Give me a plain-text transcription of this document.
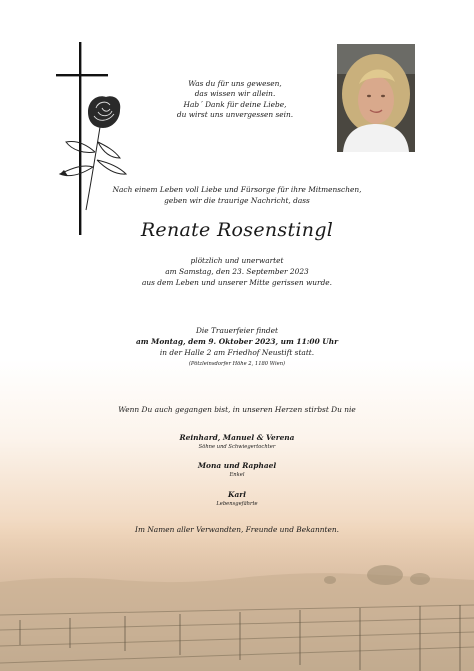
Was du für uns gewesen,
das wissen wir allein.
Hab´ Dank für deine Liebe,
du wirst uns unvergessen sein.
Nach einem Leben voll Liebe und Fürsorge für ihre Mitmenschen,
geben wir die traurige Nachricht, dass
Renate Rosenstingl
plötzlich und unerwartet
am Samstag, den 23. September 2023
aus dem Leben und unserer Mitte gerissen wurde.
Die Trauerfeier findet
am Montag, dem 9. Oktober 2023, um 11:00 Uhr
in der Halle 2 am Friedhof Neustift statt.
(Pötzleinsdorfer Höhe 2, 1180 Wien)
Wenn Du auch gegangen bist, in unseren Herzen stirbst Du nie
Reinhard, Manuel & Verena
Söhne und Schwiegertochter
Mona und Raphael
Enkel
Karl
Lebensgefährte
Im Namen aller Verwandten, Freunde und Bekannten.
